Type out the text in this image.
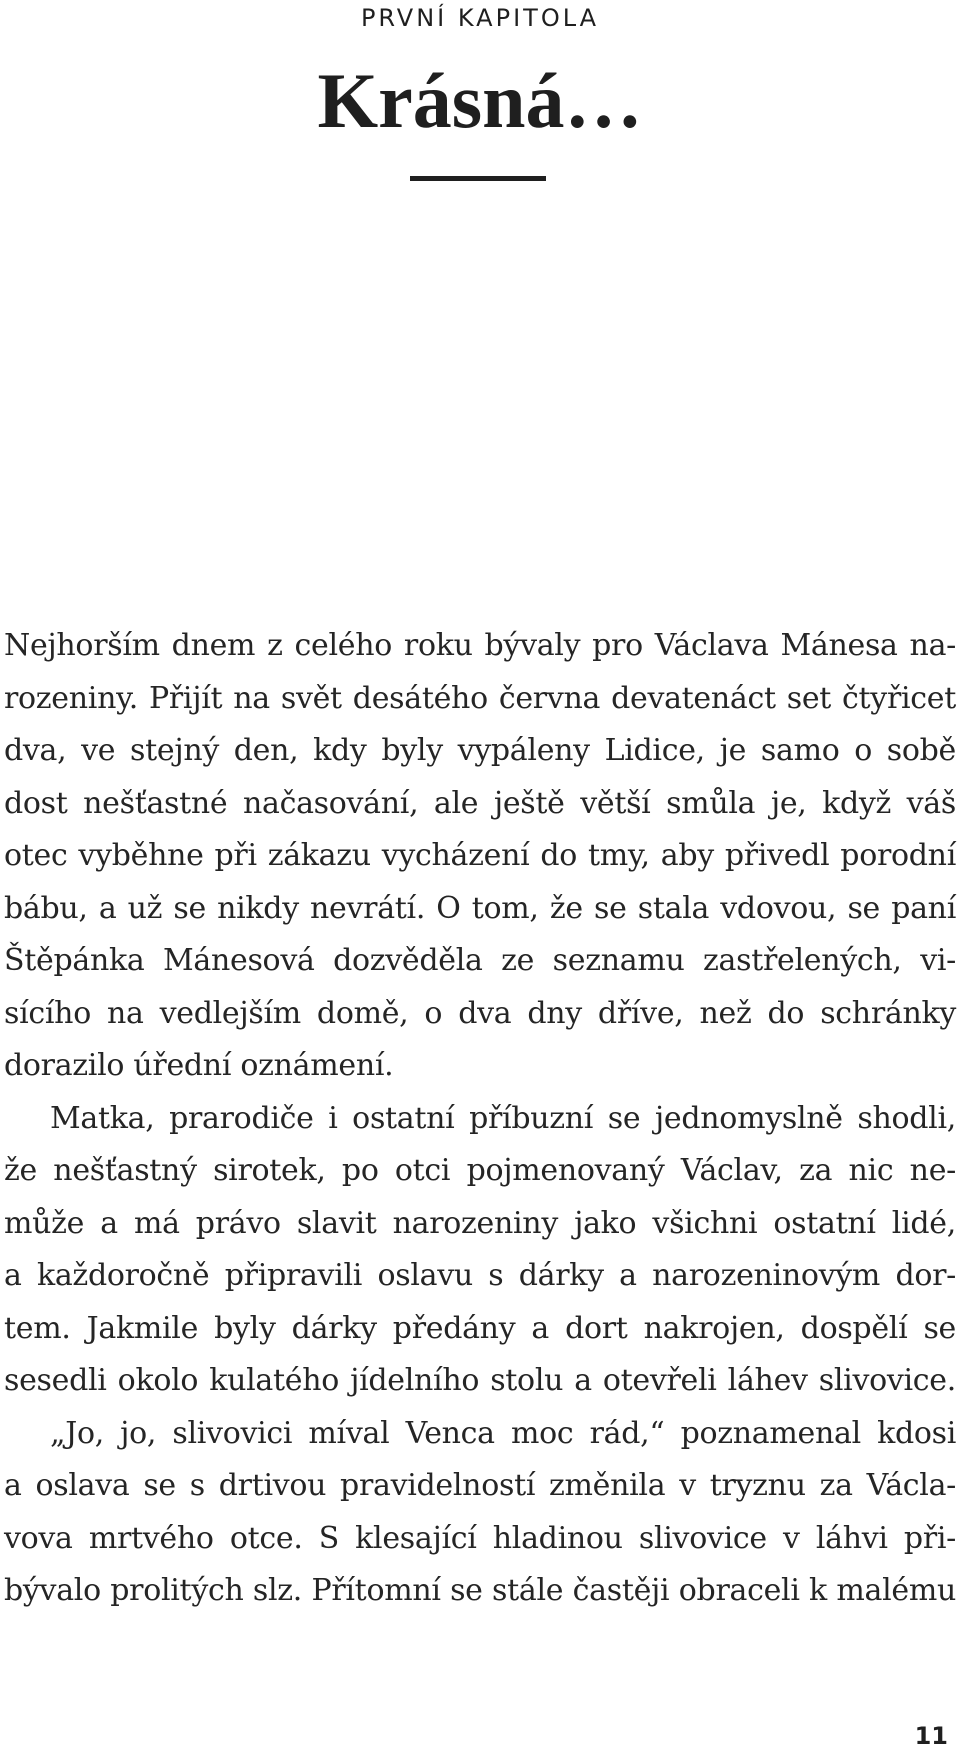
PRVNÍ KAPITOLA
Krásná…
Nejhorším dnem z celého roku bývaly pro Václava Mánesa na-
rozeniny. Přijít na svět desátého června devatenáct set čtyřicet
dva, ve stejný den, kdy byly vypáleny Lidice, je samo o sobě
dost nešťastné načasování, ale ještě větší smůla je, když váš
otec vyběhne při zákazu vycházení do tmy, aby přivedl porodní
bábu, a už se nikdy nevrátí. O tom, že se stala vdovou, se paní
Štěpánka Mánesová dozvěděla ze seznamu zastřelených, vi-
sícího na vedlejším domě, o dva dny dříve, než do schránky
dorazilo úřední oznámení.
Matka, prarodiče i ostatní příbuzní se jednomyslně shodli,
že nešťastný sirotek, po otci pojmenovaný Václav, za nic ne-
může a má právo slavit narozeniny jako všichni ostatní lidé,
a každoročně připravili oslavu s dárky a narozeninovým dor-
tem. Jakmile byly dárky předány a dort nakrojen, dospělí se
sesedli okolo kulatého jídelního stolu a otevřeli láhev slivovice.
„Jo, jo, slivovici míval Venca moc rád,“ poznamenal kdosi
a oslava se s drtivou pravidelností změnila v tryznu za Václa-
vova mrtvého otce. S klesající hladinou slivovice v láhvi při-
bývalo prolitých slz. Přítomní se stále častěji obraceli k malému
11
